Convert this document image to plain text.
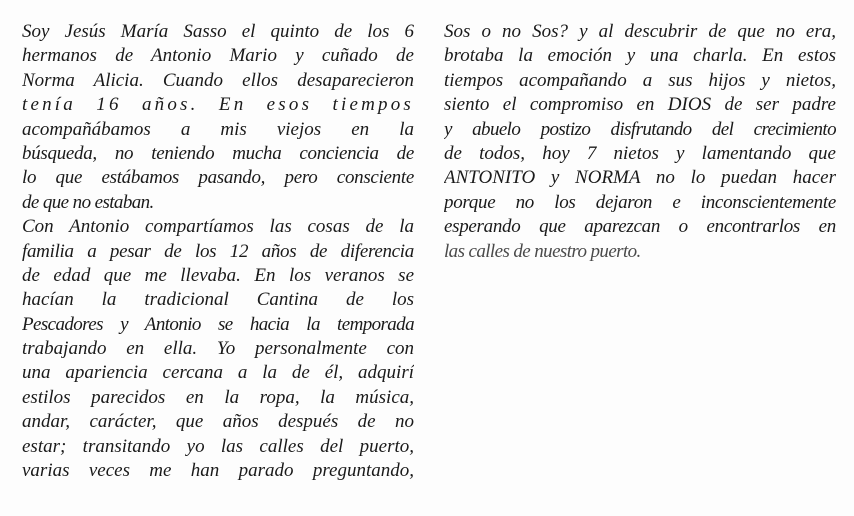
Soy Jesús María Sasso el quinto de los 6
hermanos de Antonio Mario y cuñado de
Norma Alicia. Cuando ellos desaparecieron
tenía 16 años. En esos tiempos
acompañábamos a mis viejos en la
búsqueda, no teniendo mucha conciencia de
lo que estábamos pasando, pero consciente
de que no estaban.
Con Antonio compartíamos las cosas de la
familia a pesar de los 12 años de diferencia
de edad que me llevaba. En los veranos se
hacían la tradicional Cantina de los
Pescadores y Antonio se hacia la temporada
trabajando en ella. Yo personalmente con
una apariencia cercana a la de él, adquirí
estilos parecidos en la ropa, la música,
andar, carácter, que años después de no
estar; transitando yo las calles del puerto,
varias veces me han parado preguntando,
Sos o no Sos? y al descubrir de que no era,
brotaba la emoción y una charla. En estos
tiempos acompañando a sus hijos y nietos,
siento el compromiso en DIOS de ser padre
y abuelo postizo disfrutando del crecimiento
de todos, hoy 7 nietos y lamentando que
ANTONITO y NORMA no lo puedan hacer
porque no los dejaron e inconscientemente
esperando que aparezcan o encontrarlos en
las calles de nuestro puerto.
